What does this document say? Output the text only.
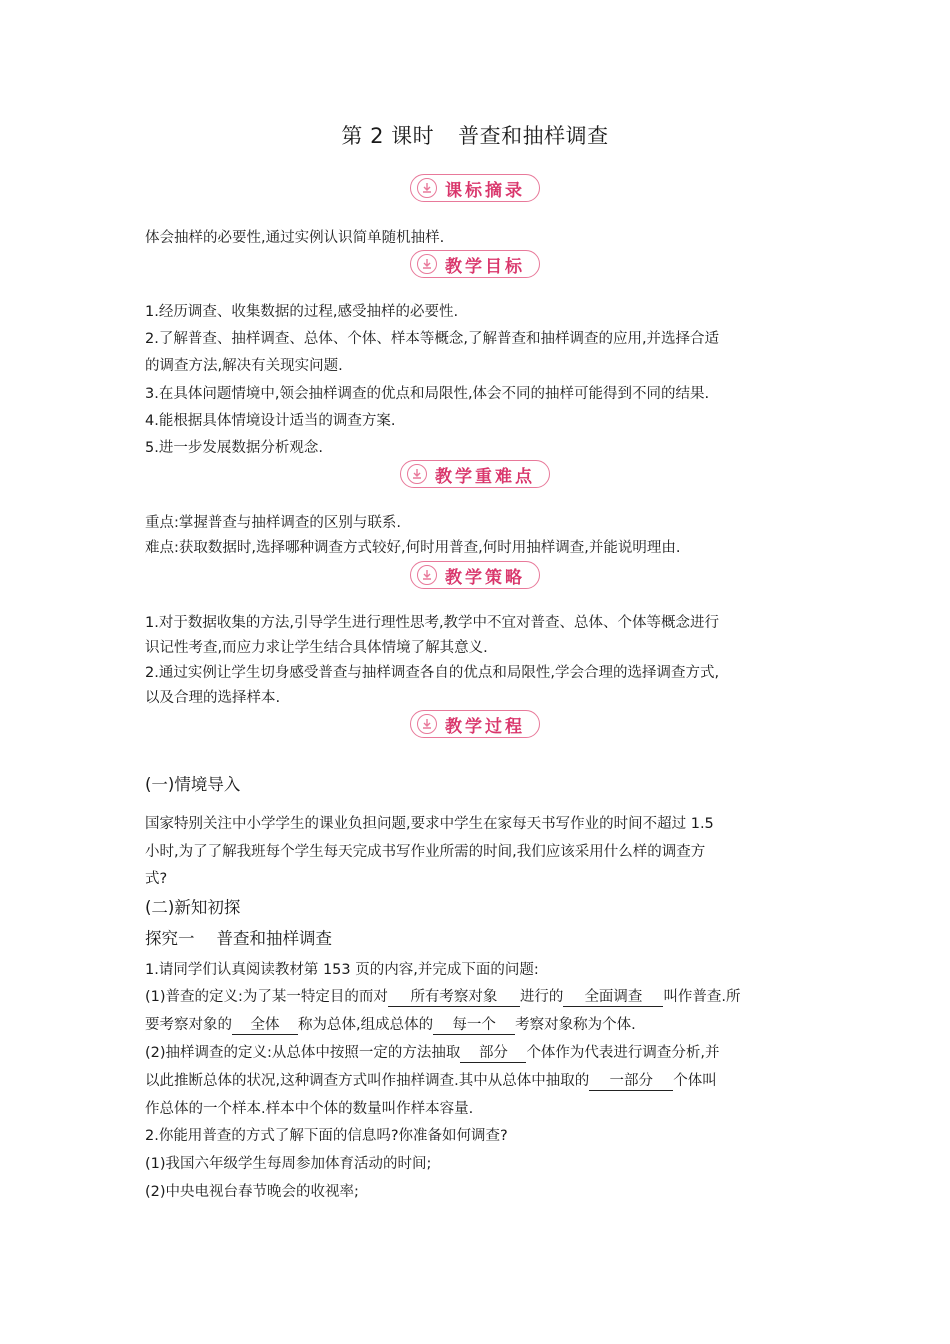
第 2 课时 普查和抽样调查
课标摘录
体会抽样的必要性,通过实例认识简单随机抽样.
教学目标
1.经历调查、收集数据的过程,感受抽样的必要性.
2.了解普查、抽样调查、总体、个体、样本等概念,了解普查和抽样调查的应用,并选择合适
的调查方法,解决有关现实问题.
3.在具体问题情境中,领会抽样调查的优点和局限性,体会不同的抽样可能得到不同的结果.
4.能根据具体情境设计适当的调查方案.
5.进一步发展数据分析观念.
教学重难点
重点:掌握普查与抽样调查的区别与联系.
难点:获取数据时,选择哪种调查方式较好,何时用普查,何时用抽样调查,并能说明理由.
教学策略
1.对于数据收集的方法,引导学生进行理性思考,教学中不宜对普查、总体、个体等概念进行
识记性考查,而应力求让学生结合具体情境了解其意义.
2.通过实例让学生切身感受普查与抽样调查各自的优点和局限性,学会合理的选择调查方式,
以及合理的选择样本.
教学过程
(一)情境导入
国家特别关注中小学学生的课业负担问题,要求中学生在家每天书写作业的时间不超过 1.5
小时,为了了解我班每个学生每天完成书写作业所需的时间,我们应该采用什么样的调查方
式?
(二)新知初探
探究一 普查和抽样调查
1.请同学们认真阅读教材第 153 页的内容,并完成下面的问题:
(1)普查的定义:为了某一特定目的而对 所有考察对象 进行的 全面调查 叫作普查.所
要考察对象的 全体 称为总体,组成总体的 每一个 考察对象称为个体.
(2)抽样调查的定义:从总体中按照一定的方法抽取 部分 个体作为代表进行调查分析,并
以此推断总体的状况,这种调查方式叫作抽样调查.其中从总体中抽取的 一部分 个体叫
作总体的一个样本.样本中个体的数量叫作样本容量.
2.你能用普查的方式了解下面的信息吗?你准备如何调查?
(1)我国六年级学生每周参加体育活动的时间;
(2)中央电视台春节晚会的收视率;
